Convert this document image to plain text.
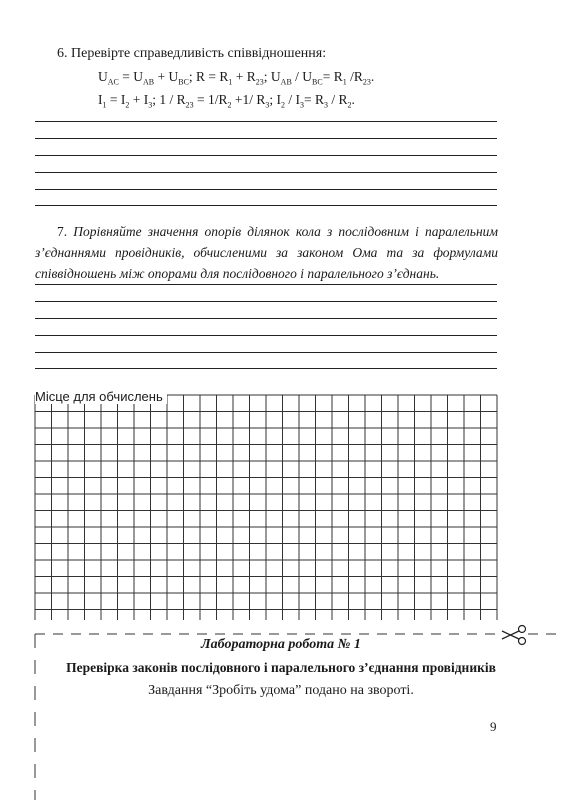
6. Перевірте справедливість співвідношення:
$U_{AC} = U_{AB} + U_{BC}$; $R = R_1 + R_{23}$; $U_{AB} / U_{BC}= R_1$ $/R_{23}$.
$I_1 = I_2 + I_3$; $1 / R_{23} = 1/R_2 +1/$ $R_3$; $I_2 / I_3= R_3 / R_2$.
7. Порівняйте значення опорів ділянок кола з послідовним і паралельним з’єднаннями провідників, обчисленими за законом Ома та за формулами співвідношень між опорами для послідовного і паралельного з’єднань.
Місце для обчислень
Лабораторна робота № 1
Перевірка законів послідовного і паралельного з’єднання провідників
Завдання “Зробіть удома” подано на звороті.
9
